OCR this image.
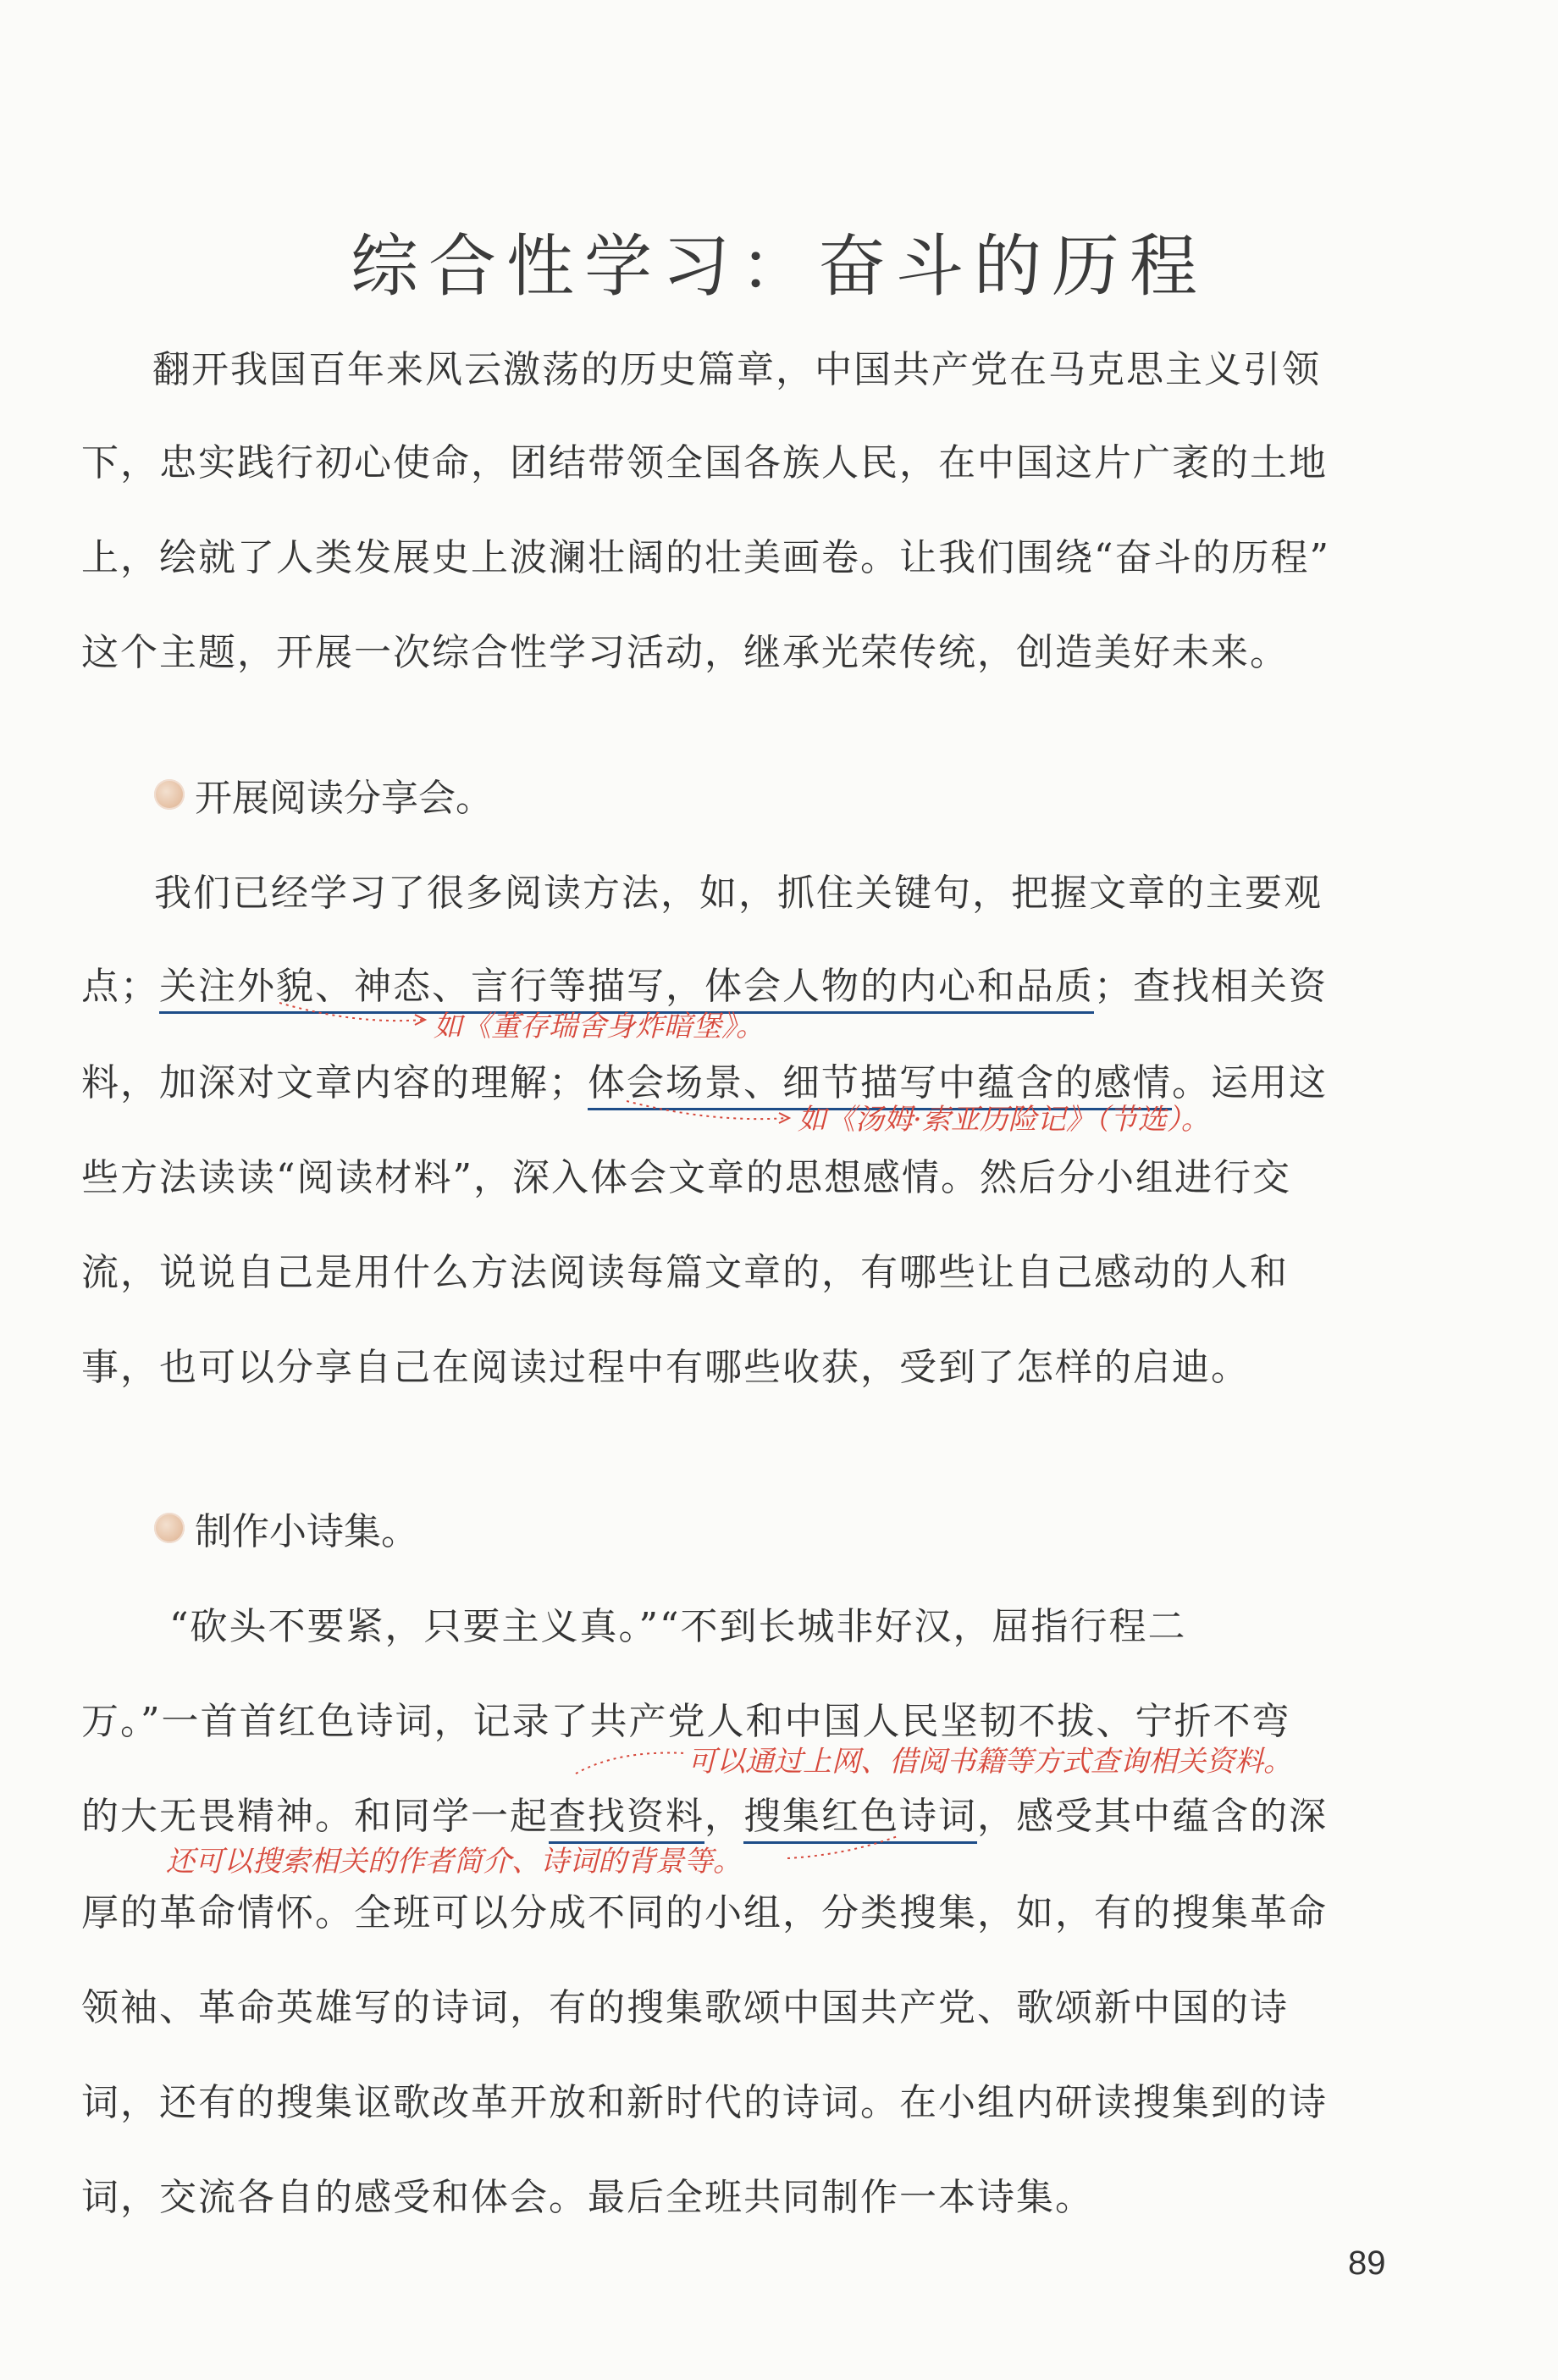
综合性学习：奋斗的历程
翻开我国百年来风云激荡的历史篇章，中国共产党在马克思主义引领
下，忠实践行初心使命，团结带领全国各族人民，在中国这片广袤的土地
上，绘就了人类发展史上波澜壮阔的壮美画卷。让我们围绕“奋斗的历程”
这个主题，开展一次综合性学习活动，继承光荣传统，创造美好未来。
开展阅读分享会。
我们已经学习了很多阅读方法，如，抓住关键句，把握文章的主要观
点；关注外貌、神态、言行等描写，体会人物的内心和品质；查找相关资
如《董存瑞舍身炸暗堡》。
料，加深对文章内容的理解；体会场景、细节描写中蕴含的感情。运用这
如《汤姆·索亚历险记》（节选）。
些方法读读“阅读材料”，深入体会文章的思想感情。然后分小组进行交
流，说说自己是用什么方法阅读每篇文章的，有哪些让自己感动的人和
事，也可以分享自己在阅读过程中有哪些收获，受到了怎样的启迪。
制作小诗集。
“砍头不要紧，只要主义真。”“不到长城非好汉，屈指行程二
万。”一首首红色诗词，记录了共产党人和中国人民坚韧不拔、宁折不弯
可以通过上网、借阅书籍等方式查询相关资料。
的大无畏精神。和同学一起查找资料，搜集红色诗词，感受其中蕴含的深
还可以搜索相关的作者简介、诗词的背景等。
厚的革命情怀。全班可以分成不同的小组，分类搜集，如，有的搜集革命
领袖、革命英雄写的诗词，有的搜集歌颂中国共产党、歌颂新中国的诗
词，还有的搜集讴歌改革开放和新时代的诗词。在小组内研读搜集到的诗
词，交流各自的感受和体会。最后全班共同制作一本诗集。
89
